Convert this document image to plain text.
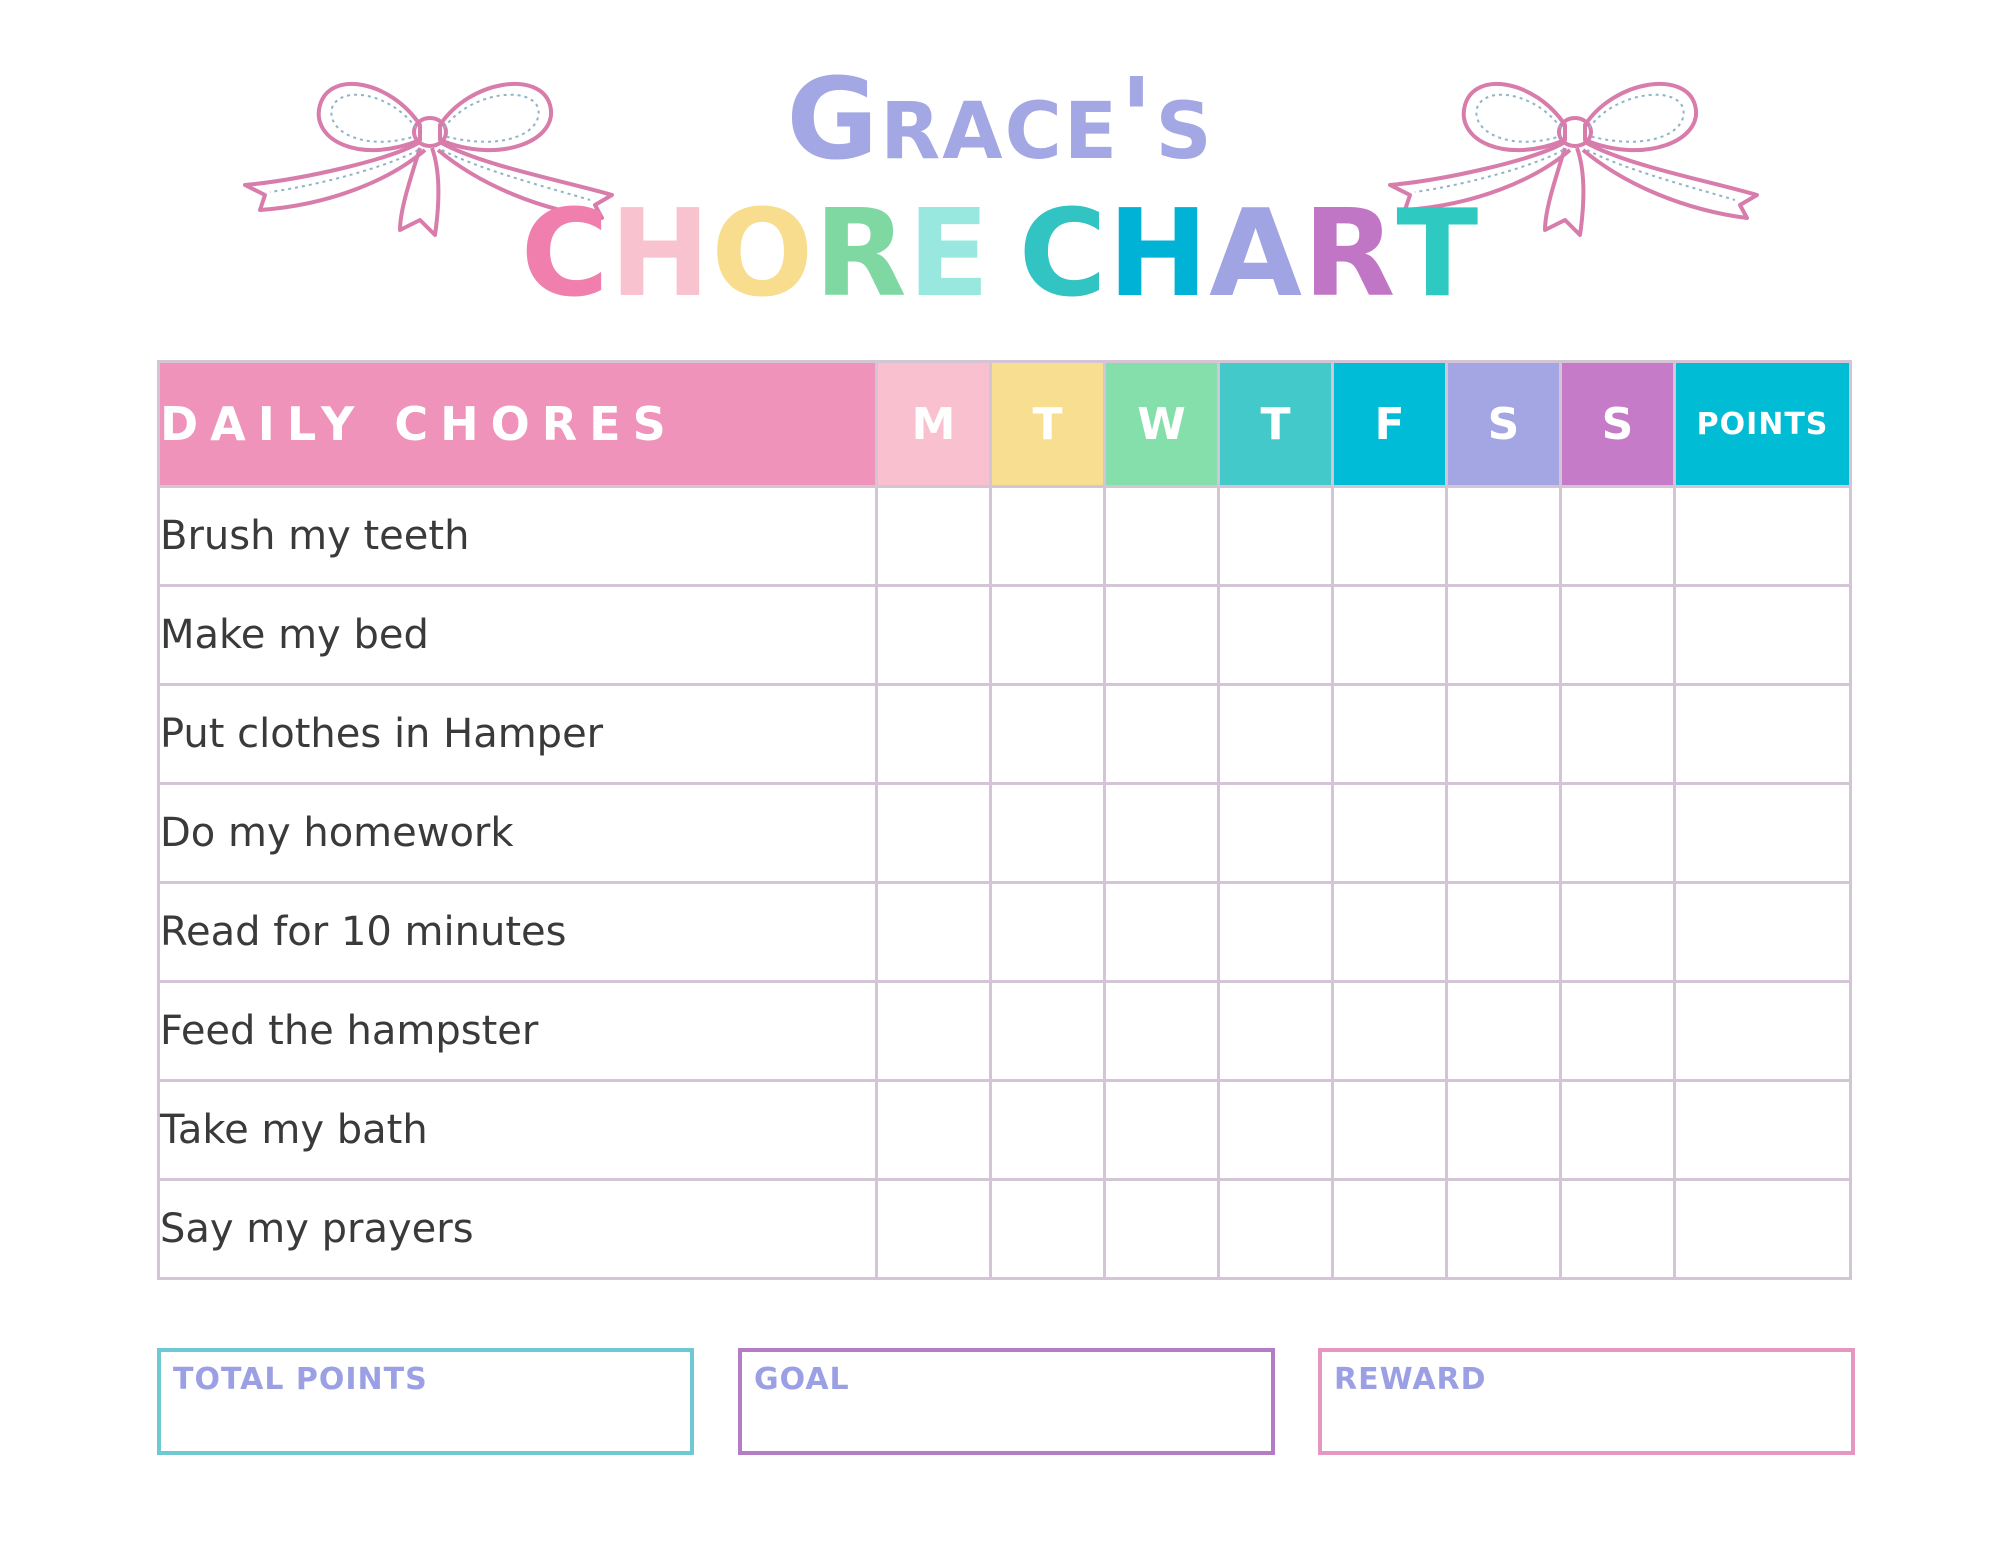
Grace's
CHORE CHART
DAILY CHORES	M	T	W	T	F	S	S	POINTS
Brush my teeth								
Make my bed								
Put clothes in Hamper								
Do my homework								
Read for 10 minutes								
Feed the hampster								
Take my bath								
Say my prayers								
TOTAL POINTS	GOAL	REWARD
